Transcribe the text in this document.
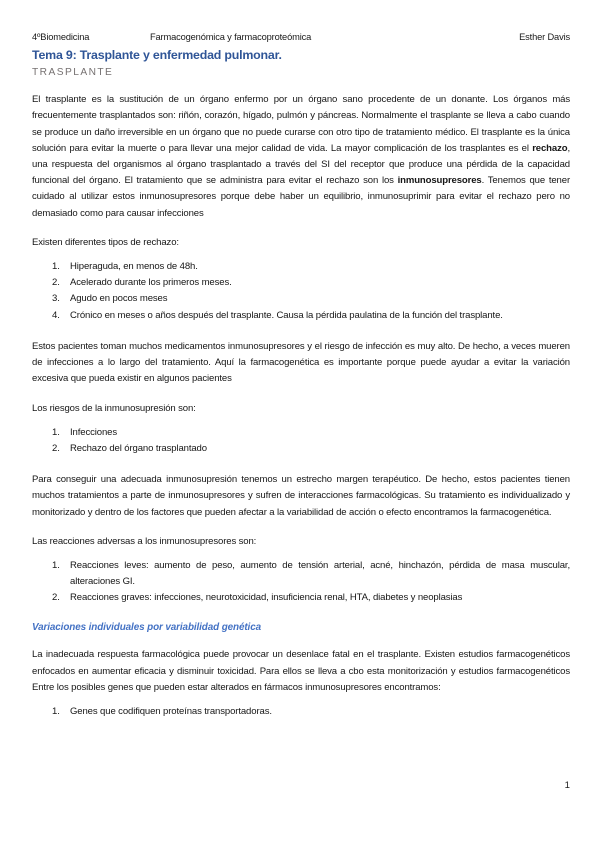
4ºBiomedicina	Farmacogenómica y farmacoproteómica	Esther Davis
Tema 9: Trasplante y enfermedad pulmonar.
TRASPLANTE

El trasplante es la sustitución de un órgano enfermo por un órgano sano procedente de un donante. Los órganos más frecuentemente trasplantados son: riñón, corazón, hígado, pulmón y páncreas. Normalmente el trasplante se lleva a cabo cuando se produce un daño irreversible en un órgano que no puede curarse con otro tipo de tratamiento médico. El trasplante es la única solución para evitar la muerte o para llevar una mejor calidad de vida. La mayor complicación de los trasplantes es el rechazo, una respuesta del organismos al órgano trasplantado a través del SI del receptor que produce una pérdida de la capacidad funcional del órgano. El tratamiento que se administra para evitar el rechazo son los inmunosupresores. Tenemos que tener cuidado al utilizar estos inmunosupresores porque debe haber un equilibrio, inmunosuprimir para evitar el rechazo pero no demasiado como para causar infecciones

Existen diferentes tipos de rechazo:

1.	Hiperaguda, en menos de 48h.
2.	Acelerado durante los primeros meses.
3.	Agudo en pocos meses
4.	Crónico en meses o años después del trasplante. Causa la pérdida paulatina de la función del trasplante.

Estos pacientes toman muchos medicamentos inmunosupresores y el riesgo de infección es muy alto. De hecho, a veces mueren de infecciones a lo largo del tratamiento. Aquí la farmacogenética es importante porque puede ayudar a evitar la variación excesiva que pueda existir en algunos pacientes

Los riesgos de la inmunosupresión son:

1.	Infecciones
2.	Rechazo del órgano trasplantado

Para conseguir una adecuada inmunosupresión tenemos un estrecho margen terapéutico. De hecho, estos pacientes tienen muchos tratamientos a parte de inmunosupresores y sufren de interacciones farmacológicas. Su tratamiento es individualizado y monitorizado y dentro de los factores que pueden afectar a la variabilidad de acción o efecto encontramos la farmacogenética.

Las reacciones adversas a los inmunosupresores son:

1.	Reacciones leves: aumento de peso, aumento de tensión arterial, acné, hinchazón, pérdida de masa muscular, alteraciones GI.
2.	Reacciones graves: infecciones, neurotoxicidad, insuficiencia renal, HTA, diabetes y neoplasias

Variaciones individuales por variabilidad genética

La inadecuada respuesta farmacológica puede provocar un desenlace fatal en el trasplante. Existen estudios farmacogenéticos enfocados en aumentar eficacia y disminuir toxicidad. Para ellos se lleva a cbo esta monitorización y estudios farmacogenéticos Entre los posibles genes que pueden estar alterados en fármacos inmunosupresores encontramos:

1.	Genes que codifiquen proteínas transportadoras.
1
